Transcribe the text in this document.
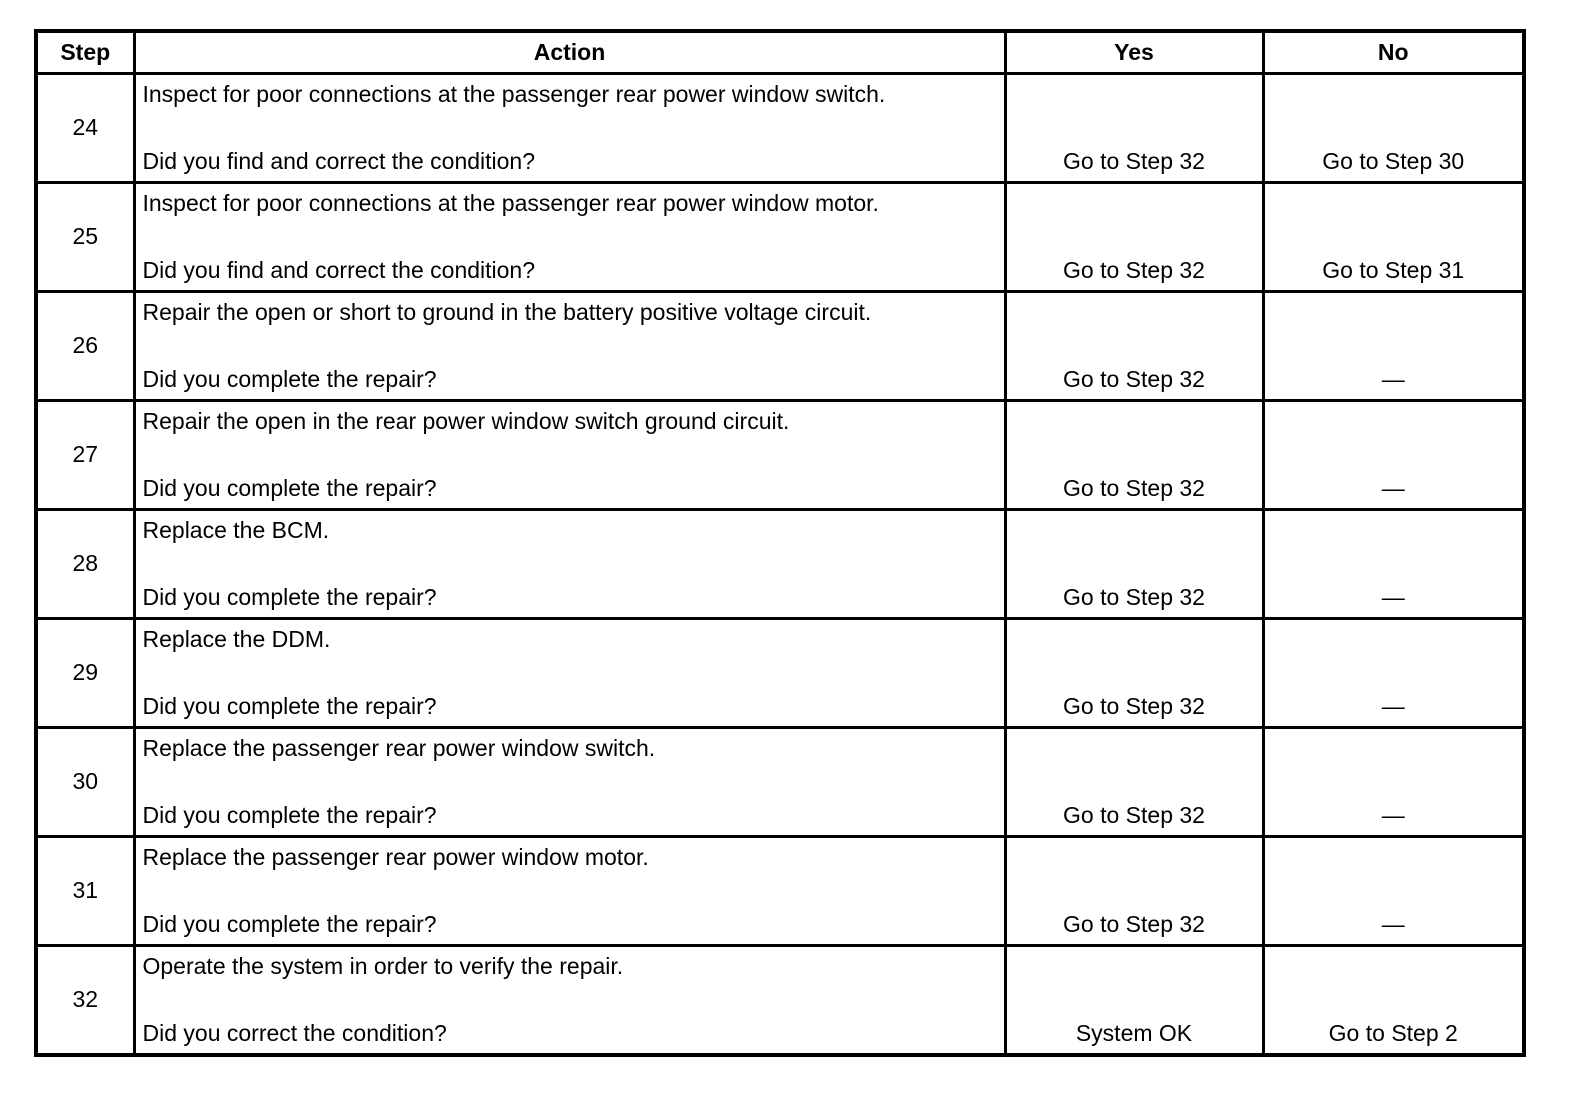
Step	Action	Yes	No
24	Inspect for poor connections at the passenger rear power window switch.
Did you find and correct the condition?	Go to Step 32	Go to Step 30
25	Inspect for poor connections at the passenger rear power window motor.
Did you find and correct the condition?	Go to Step 32	Go to Step 31
26	Repair the open or short to ground in the battery positive voltage circuit.
Did you complete the repair?	Go to Step 32	—
27	Repair the open in the rear power window switch ground circuit.
Did you complete the repair?	Go to Step 32	—
28	Replace the BCM.
Did you complete the repair?	Go to Step 32	—
29	Replace the DDM.
Did you complete the repair?	Go to Step 32	—
30	Replace the passenger rear power window switch.
Did you complete the repair?	Go to Step 32	—
31	Replace the passenger rear power window motor.
Did you complete the repair?	Go to Step 32	—
32	Operate the system in order to verify the repair.
Did you correct the condition?	System OK	Go to Step 2
